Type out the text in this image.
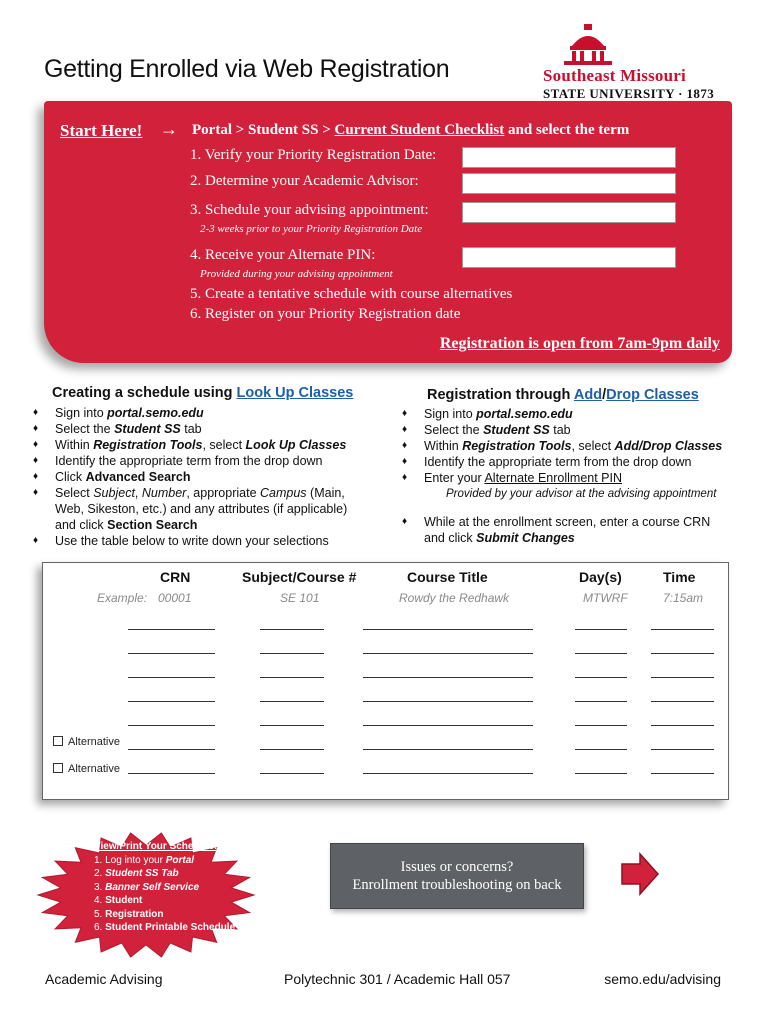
Getting Enrolled via Web Registration	Southeast Missouri
STATE UNIVERSITY · 1873
Start Here! → Portal > Student SS > Current Student Checklist and select the term
1. Verify your Priority Registration Date:
2. Determine your Academic Advisor:
3. Schedule your advising appointment:
2-3 weeks prior to your Priority Registration Date
4. Receive your Alternate PIN:
Provided during your advising appointment
5. Create a tentative schedule with course alternatives
6. Register on your Priority Registration date
Registration is open from 7am-9pm daily
Creating a schedule using Look Up Classes
♦ Sign into portal.semo.edu
♦ Select the Student SS tab
♦ Within Registration Tools, select Look Up Classes
♦ Identify the appropriate term from the drop down
♦ Click Advanced Search
♦ Select Subject, Number, appropriate Campus (Main,
Web, Sikeston, etc.) and any attributes (if applicable)
and click Section Search
♦ Use the table below to write down your selections
Registration through Add/Drop Classes
♦ Sign into portal.semo.edu
♦ Select the Student SS tab
♦ Within Registration Tools, select Add/Drop Classes
♦ Identify the appropriate term from the drop down
♦ Enter your Alternate Enrollment PIN
Provided by your advisor at the advising appointment
♦ While at the enrollment screen, enter a course CRN
and click Submit Changes
CRN	Subject/Course #	Course Title	Day(s)	Time
Example: 00001	SE 101	Rowdy the Redhawk	MTWRF	7:15am
Alternative
Alternative
View/Print Your Schedule:
1. Log into your Portal
2. Student SS Tab
3. Banner Self Service
4. Student
5. Registration
6. Student Printable Schedule
Issues or concerns?
Enrollment troubleshooting on back
Academic Advising	Polytechnic 301 / Academic Hall 057	semo.edu/advising
